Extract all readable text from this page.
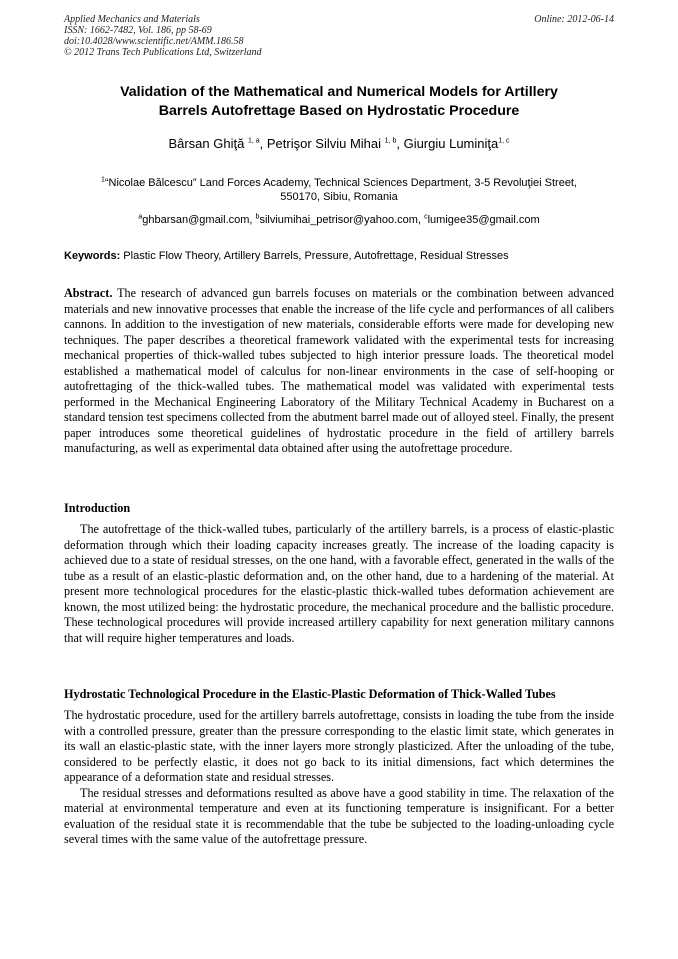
Applied Mechanics and Materials
ISSN: 1662-7482, Vol. 186, pp 58-69
doi:10.4028/www.scientific.net/AMM.186.58
© 2012 Trans Tech Publications Ltd, Switzerland
Online: 2012-06-14
Validation of the Mathematical and Numerical Models for Artillery
Barrels Autofrettage Based on Hydrostatic Procedure
Bârsan Ghiţă $^{1, a}$, Petrişor Silviu Mihai $^{1, b}$, Giurgiu Luminiţa$^{1, c}$
$^1$“Nicolae Bălcescu” Land Forces Academy, Technical Sciences Department, 3-5 Revoluţiei Street,
550170, Sibiu, Romania
$^a$ghbarsan@gmail.com, $^b$silviumihai_petrisor@yahoo.com, $^c$lumigee35@gmail.com
Keywords: Plastic Flow Theory, Artillery Barrels, Pressure, Autofrettage, Residual Stresses

Abstract. The research of advanced gun barrels focuses on materials or the combination between advanced materials and new innovative processes that enable the increase of the life cycle and performances of all calibers cannons. In addition to the investigation of new materials, considerable efforts were made for developing new techniques. The paper describes a theoretical framework validated with the experimental tests for increasing mechanical properties of thick-walled tubes subjected to high interior pressure loads. The theoretical model established a mathematical model of calculus for non-linear environments in the case of self-hooping or autofrettaging of the thick-walled tubes. The mathematical model was validated with experimental tests performed in the Mechanical Engineering Laboratory of the Military Technical Academy in Bucharest on a standard tension test specimens collected from the abutment barrel made out of alloyed steel. Finally, the present paper introduces some theoretical guidelines of hydrostatic procedure in the field of artillery barrels manufacturing, as well as experimental data obtained after using the autofrettage procedure.

Introduction

The autofrettage of the thick-walled tubes, particularly of the artillery barrels, is a process of elastic-plastic deformation through which their loading capacity increases greatly. The increase of the loading capacity is achieved due to a state of residual stresses, on the one hand, with a favorable effect, generated in the walls of the tube as a result of an elastic-plastic deformation and, on the other hand, due to a hardening of the material. At present more technological procedures for the elastic-plastic thick-walled tubes deformation achievement are known, the most utilized being: the hydrostatic procedure, the mechanical procedure and the ballistic procedure. These technological procedures will provide increased artillery capability for next generation military cannons that will require higher temperatures and loads.

Hydrostatic Technological Procedure in the Elastic-Plastic Deformation of Thick-Walled Tubes

The hydrostatic procedure, used for the artillery barrels autofrettage, consists in loading the tube from the inside with a controlled pressure, greater than the pressure corresponding to the elastic limit state, which generates in its wall an elastic-plastic state, with the inner layers more strongly plasticized. After the unloading of the tube, considered to be perfectly elastic, it does not go back to its initial dimensions, fact which determines the appearance of a deformation state and residual stresses.

The residual stresses and deformations resulted as above have a good stability in time. The relaxation of the material at environmental temperature and even at its functioning temperature is insignificant. For a better evaluation of the residual state it is recommendable that the tube be subjected to the loading-unloading cycle several times with the same value of the autofrettage pressure.
